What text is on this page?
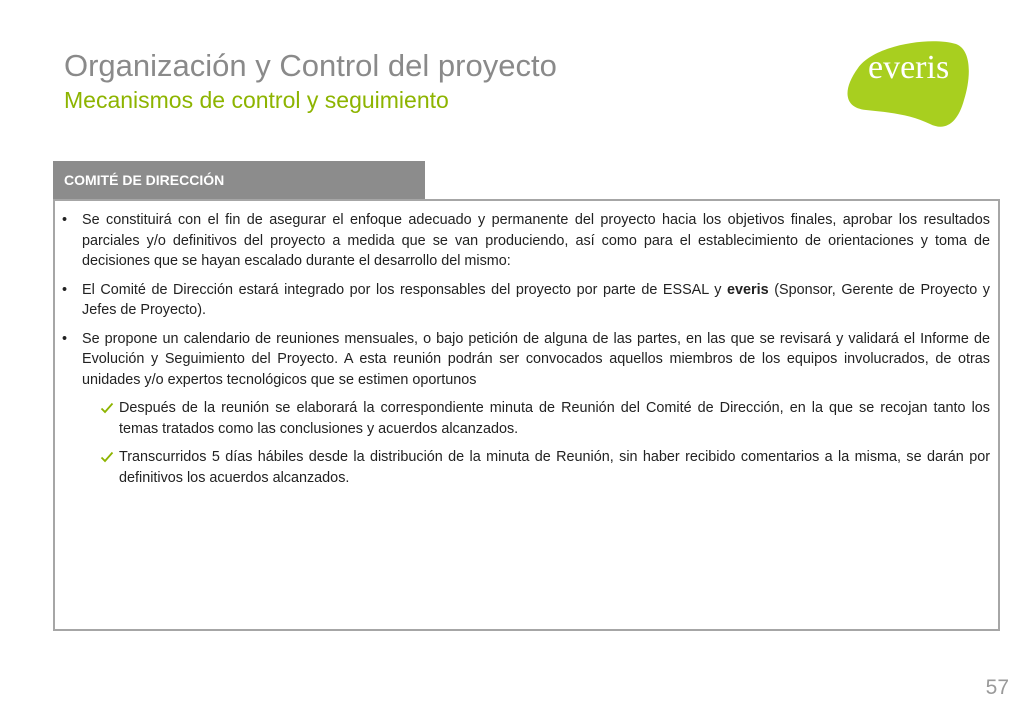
Organización y Control del proyecto
Mecanismos de control y seguimiento
everis
COMITÉ DE DIRECCIÓN
•	Se constituirá con el fin de asegurar el enfoque adecuado y permanente del proyecto hacia los objetivos finales, aprobar los resultados parciales y/o definitivos del proyecto a medida que se van produciendo, así como para el establecimiento de orientaciones y toma de decisiones que se hayan escalado durante el desarrollo del mismo:
•	El Comité de Dirección estará integrado por los responsables del proyecto por parte de ESSAL y everis (Sponsor, Gerente de Proyecto y Jefes de Proyecto).
•	Se propone un calendario de reuniones mensuales, o bajo petición de alguna de las partes, en las que se revisará y validará el Informe de Evolución y Seguimiento del Proyecto. A esta reunión podrán ser convocados aquellos miembros de los equipos involucrados, de otras unidades y/o expertos tecnológicos que se estimen oportunos
Después de la reunión se elaborará la correspondiente minuta de Reunión del Comité de Dirección, en la que se recojan tanto los temas tratados como las conclusiones y acuerdos alcanzados.
Transcurridos 5 días hábiles desde la distribución de la minuta de Reunión, sin haber recibido comentarios a la misma, se darán por definitivos los acuerdos alcanzados.
57
